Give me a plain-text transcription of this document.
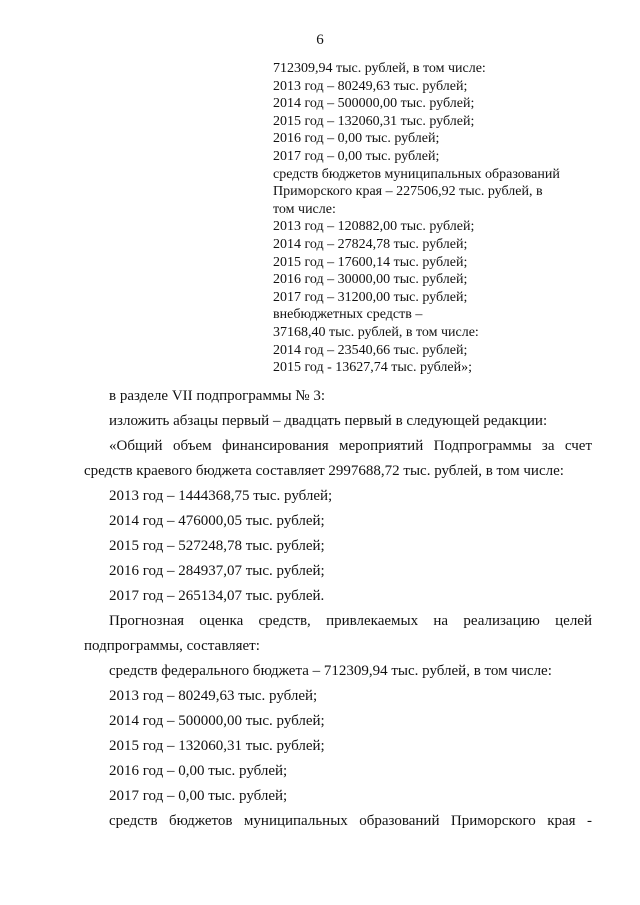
6
712309,94 тыс. рублей, в том числе:
2013 год – 80249,63 тыс. рублей;
2014 год – 500000,00 тыс. рублей;
2015 год – 132060,31 тыс. рублей;
2016 год – 0,00 тыс. рублей;
2017 год – 0,00 тыс. рублей;
средств бюджетов муниципальных образований
Приморского края – 227506,92 тыс. рублей, в
том числе:
2013 год – 120882,00 тыс. рублей;
2014 год – 27824,78 тыс. рублей;
2015 год – 17600,14 тыс. рублей;
2016 год – 30000,00 тыс. рублей;
2017 год – 31200,00 тыс. рублей;
внебюджетных средств –
37168,40 тыс. рублей, в том числе:
2014 год – 23540,66 тыс. рублей;
2015 год - 13627,74 тыс. рублей»;
в разделе VII подпрограммы № 3:
изложить абзацы первый – двадцать первый в следующей редакции:
«Общий объем финансирования мероприятий Подпрограммы за счет
средств краевого бюджета составляет 2997688,72 тыс. рублей, в том числе:
2013 год – 1444368,75 тыс. рублей;
2014 год – 476000,05 тыс. рублей;
2015 год – 527248,78 тыс. рублей;
2016 год – 284937,07 тыс. рублей;
2017 год – 265134,07 тыс. рублей.
Прогнозная оценка средств, привлекаемых на реализацию целей
подпрограммы, составляет:
средств федерального бюджета – 712309,94 тыс. рублей, в том числе:
2013 год – 80249,63 тыс. рублей;
2014 год – 500000,00 тыс. рублей;
2015 год – 132060,31 тыс. рублей;
2016 год – 0,00 тыс. рублей;
2017 год – 0,00 тыс. рублей;
средств бюджетов муниципальных образований Приморского края -
